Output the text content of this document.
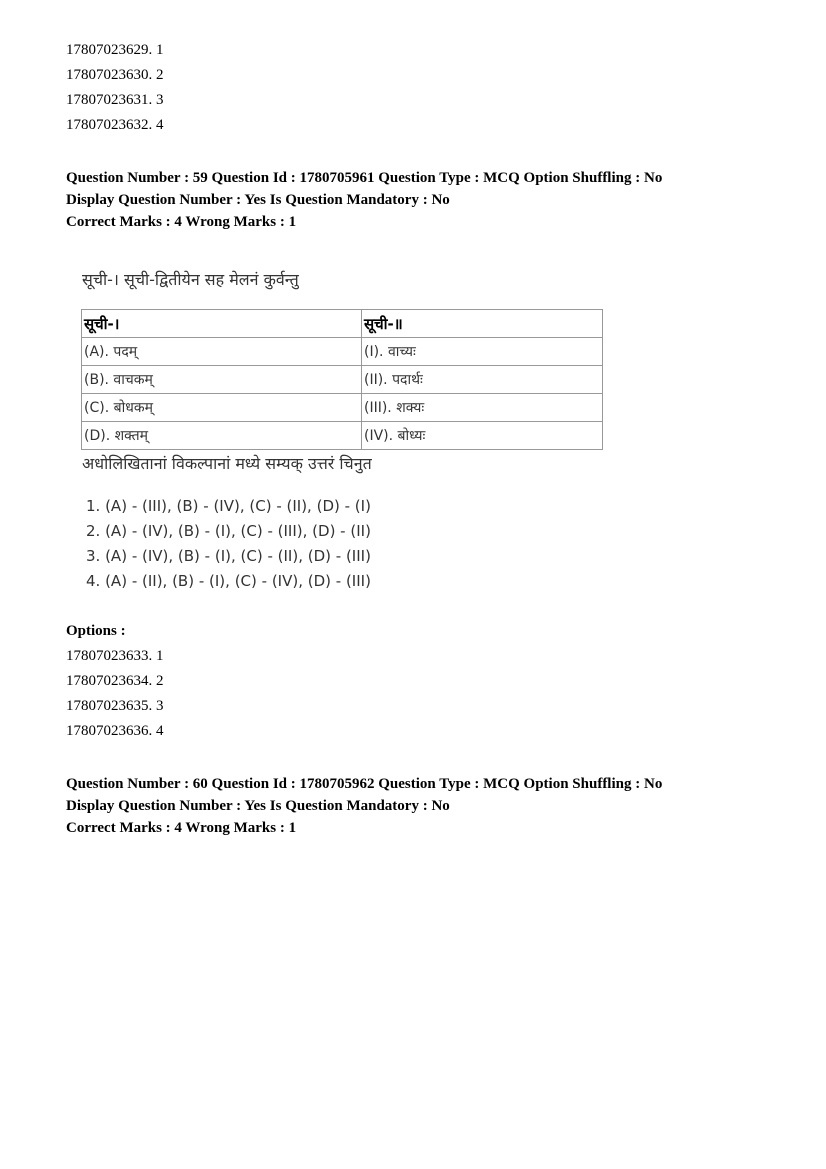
17807023629. 1
17807023630. 2
17807023631. 3
17807023632. 4
Question Number : 59 Question Id : 1780705961 Question Type : MCQ Option Shuffling : No
Display Question Number : Yes Is Question Mandatory : No
Correct Marks : 4 Wrong Marks : 1
सूची-। सूची-द्वितीयेन सह मेलनं कुर्वन्तु
सूची-।	सूची-॥
(A). पदम्	(I). वाच्यः
(B). वाचकम्	(II). पदार्थः
(C). बोधकम्	(III). शक्यः
(D). शक्तम्	(IV). बोध्यः
अधोलिखितानां विकल्पानां मध्ये सम्यक् उत्तरं चिनुत
1. (A) - (III), (B) - (IV), (C) - (II), (D) - (I)
2. (A) - (IV), (B) - (I), (C) - (III), (D) - (II)
3. (A) - (IV), (B) - (I), (C) - (II), (D) - (III)
4. (A) - (II), (B) - (I), (C) - (IV), (D) - (III)
Options :
17807023633. 1
17807023634. 2
17807023635. 3
17807023636. 4
Question Number : 60 Question Id : 1780705962 Question Type : MCQ Option Shuffling : No
Display Question Number : Yes Is Question Mandatory : No
Correct Marks : 4 Wrong Marks : 1
